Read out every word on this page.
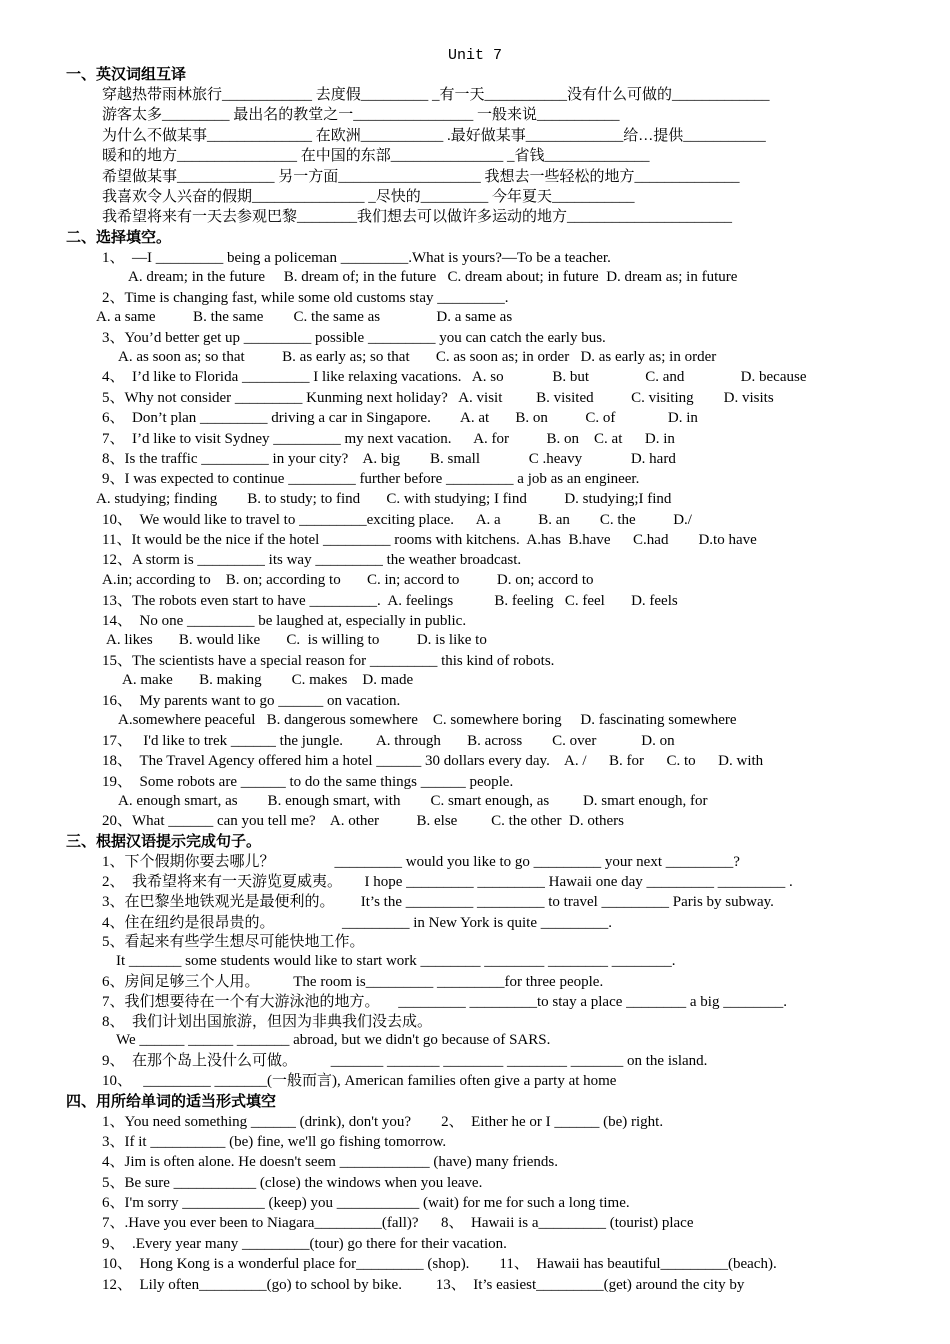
Unit 7
一、英汉词组互译
穿越热带雨林旅行____________ 去度假_________ _有一天___________没有什么可做的_____________
游客太多_________ 最出名的教堂之一________________ 一般来说___________
为什么不做某事______________ 在欧洲___________ .最好做某事_____________给…提供___________
暖和的地方________________ 在中国的东部_______________ _省钱______________
希望做某事_____________ 另一方面___________________ 我想去一些轻松的地方______________
我喜欢令人兴奋的假期_______________ _尽快的_________ 今年夏天___________
我希望将来有一天去参观巴黎________我们想去可以做许多运动的地方______________________
二、选择填空。
1、  —I _________ being a policeman _________.What is yours?—To be a teacher.
A. dream; in the future     B. dream of; in the future   C. dream about; in future  D. dream as; in future
2、Time is changing fast, while some old customs stay _________.
A. a same          B. the same        C. the same as               D. a same as
3、You’d better get up _________ possible _________ you can catch the early bus.
A. as soon as; so that          B. as early as; so that       C. as soon as; in order   D. as early as; in order
4、  I’d like to Florida _________ I like relaxing vacations.   A. so             B. but               C. and               D. because
5、Why not consider _________ Kunming next holiday?   A. visit         B. visited          C. visiting        D. visits
6、  Don’t plan _________ driving a car in Singapore.        A. at       B. on          C. of              D. in
7、  I’d like to visit Sydney _________ my next vacation.      A. for          B. on    C. at      D. in
8、Is the traffic _________ in your city?    A. big        B. small             C .heavy             D. hard
9、I was expected to continue _________ further before _________ a job as an engineer.
A. studying; finding        B. to study; to find       C. with studying; I find          D. studying;I find
10、  We would like to travel to _________exciting place.      A. a          B. an        C. the          D./
11、It would be the nice if the hotel _________ rooms with kitchens.  A.has  B.have      C.had        D.to have
12、A storm is _________ its way _________ the weather broadcast.
A.in; according to    B. on; according to       C. in; accord to          D. on; accord to
13、The robots even start to have _________.  A. feelings           B. feeling   C. feel       D. feels
14、  No one _________ be laughed at, especially in public.
A. likes       B. would like       C.  is willing to          D. is like to
15、The scientists have a special reason for _________ this kind of robots.
A. make       B. making        C. makes    D. made
16、  My parents want to go ______ on vacation.
A.somewhere peaceful   B. dangerous somewhere    C. somewhere boring     D. fascinating somewhere
17、   I'd like to trek ______ the jungle.         A. through       B. across        C. over            D. on
18、  The Travel Agency offered him a hotel ______ 30 dollars every day.    A. /      B. for      C. to      D. with
19、  Some robots are ______ to do the same things ______ people.
A. enough smart, as        B. enough smart, with        C. smart enough, as         D. smart enough, for
20、What ______ can you tell me?    A. other          B. else         C. the other  D. others
三、根据汉语提示完成句子。
1、下个假期你要去哪儿？                _________ would you like to go _________ your next _________?
2、  我希望将来有一天游览夏威夷。      I hope _________ _________ Hawaii one day _________ _________ .
3、在巴黎坐地铁观光是最便利的。       It’s the _________ _________ to travel _________ Paris by subway.
4、住在纽约是很昂贵的。                  _________ in New York is quite _________.
5、看起来有些学生想尽可能快地工作。
It _______ some students would like to start work ________ ________ ________ ________.
6、房间足够三个人用。         The room is_________ _________for three people.
7、我们想要待在一个有大游泳池的地方。     _________ _________to stay a place ________ a big ________.
8、  我们计划出国旅游，但因为非典我们没去成。
We ______ ______ _______ abroad, but we didn't go because of SARS.
9、  在那个岛上没什么可做。         _______ _______ ________ ________ _______ on the island.
10、   _________ _______(一般而言), American families often give a party at home
四、用所给单词的适当形式填空
1、You need something ______ (drink), don't you?        2、  Either he or I ______ (be) right.
3、If it __________ (be) fine, we'll go fishing tomorrow.
4、Jim is often alone. He doesn't seem ____________ (have) many friends.
5、Be sure ___________ (close) the windows when you leave.
6、I'm sorry ___________ (keep) you ___________ (wait) for me for such a long time.
7、.Have you ever been to Niagara_________(fall)?      8、  Hawaii is a_________ (tourist) place
9、  .Every year many _________(tour) go there for their vacation.
10、  Hong Kong is a wonderful place for_________ (shop).        11、  Hawaii has beautiful_________(beach).
12、  Lily often_________(go) to school by bike.         13、  It’s easiest_________(get) around the city by
